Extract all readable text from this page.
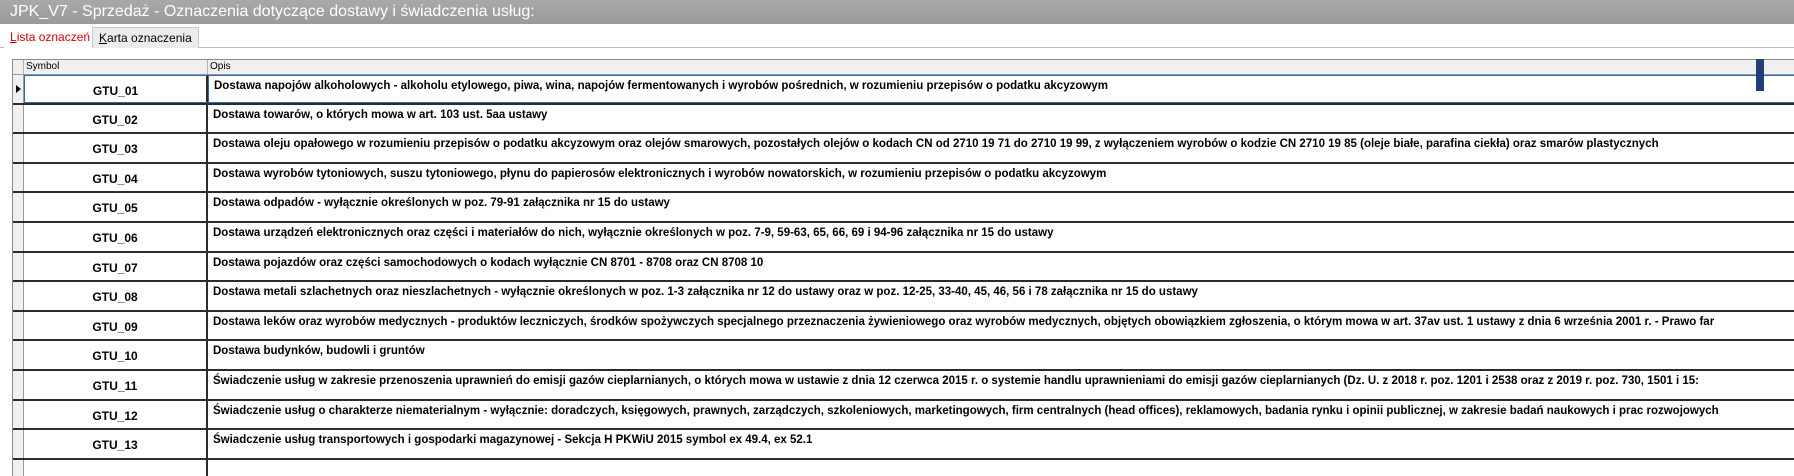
JPK_V7 - Sprzedaż - Oznaczenia dotyczące dostawy i świadczenia usług:
Lista oznaczeń Karta oznaczenia
Symbol	Opis
GTU_01	Dostawa napojów alkoholowych - alkoholu etylowego, piwa, wina, napojów fermentowanych i wyrobów pośrednich, w rozumieniu przepisów o podatku akcyzowym
GTU_02	Dostawa towarów, o których mowa w art. 103 ust. 5aa ustawy
GTU_03	Dostawa oleju opałowego w rozumieniu przepisów o podatku akcyzowym oraz olejów smarowych, pozostałych olejów o kodach CN od 2710 19 71 do 2710 19 99, z wyłączeniem wyrobów o kodzie CN 2710 19 85 (oleje białe, parafina ciekła) oraz smarów plastycznych
GTU_04	Dostawa wyrobów tytoniowych, suszu tytoniowego, płynu do papierosów elektronicznych i wyrobów nowatorskich, w rozumieniu przepisów o podatku akcyzowym
GTU_05	Dostawa odpadów - wyłącznie określonych w poz. 79-91 załącznika nr 15 do ustawy
GTU_06	Dostawa urządzeń elektronicznych oraz części i materiałów do nich, wyłącznie określonych w poz. 7-9, 59-63, 65, 66, 69 i 94-96 załącznika nr 15 do ustawy
GTU_07	Dostawa pojazdów oraz części samochodowych o kodach wyłącznie CN 8701 - 8708 oraz CN 8708 10
GTU_08	Dostawa metali szlachetnych oraz nieszlachetnych - wyłącznie określonych w poz. 1-3 załącznika nr 12 do ustawy oraz w poz. 12-25, 33-40, 45, 46, 56 i 78 załącznika nr 15 do ustawy
GTU_09	Dostawa leków oraz wyrobów medycznych - produktów leczniczych, środków spożywczych specjalnego przeznaczenia żywieniowego oraz wyrobów medycznych, objętych obowiązkiem zgłoszenia, o którym mowa w art. 37av ust. 1 ustawy z dnia 6 września 2001 r. - Prawo far
GTU_10	Dostawa budynków, budowli i gruntów
GTU_11	Świadczenie usług w zakresie przenoszenia uprawnień do emisji gazów cieplarnianych, o których mowa w ustawie z dnia 12 czerwca 2015 r. o systemie handlu uprawnieniami do emisji gazów cieplarnianych (Dz. U. z 2018 r. poz. 1201 i 2538 oraz z 2019 r. poz. 730, 1501 i 15:
GTU_12	Świadczenie usług o charakterze niematerialnym - wyłącznie: doradczych, księgowych, prawnych, zarządczych, szkoleniowych, marketingowych, firm centralnych (head offices), reklamowych, badania rynku i opinii publicznej, w zakresie badań naukowych i prac rozwojowych
GTU_13	Świadczenie usług transportowych i gospodarki magazynowej - Sekcja H PKWiU 2015 symbol ex 49.4, ex 52.1
